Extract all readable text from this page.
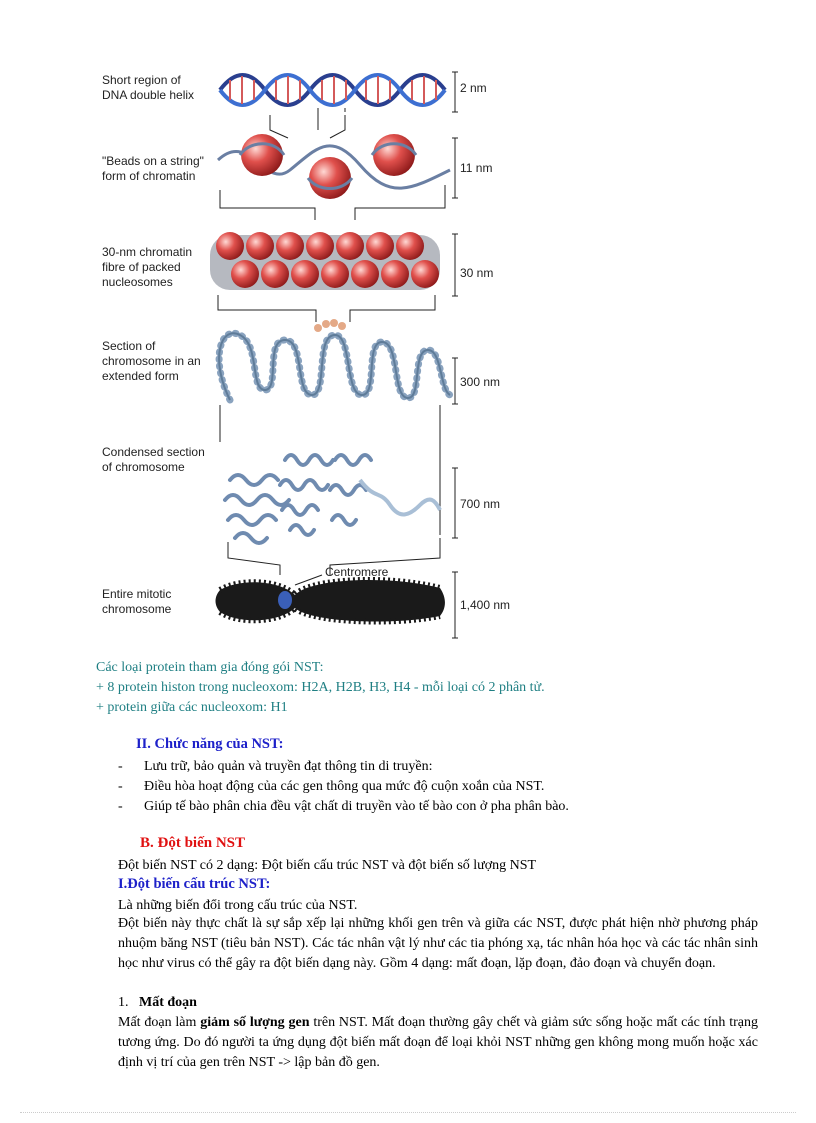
Short region of
DNA double helix
"Beads on a string"
form of chromatin
30-nm chromatin
fibre of packed
nucleosomes
Section of
chromosome in an
extended form
Condensed section
of chromosome
Entire mitotic
chromosome
2 nm
11 nm
30 nm
300 nm
700 nm
1,400 nm
Centromere
Các loại protein tham gia đóng gói NST:
+ 8 protein histon trong nucleoxom: H2A, H2B, H3, H4 - mỗi loại có 2 phân tử.
+ protein giữa các nucleoxom: H1
II. Chức năng của NST:
- Lưu trữ, bảo quản và truyền đạt thông tin di truyền:
- Điều hòa hoạt động của các gen thông qua mức độ cuộn xoắn của NST.
- Giúp tế bào phân chia đều vật chất di truyền vào tế bào con ở pha phân bào.
B. Đột biến NST
Đột biến NST có 2 dạng: Đột biến cấu trúc NST và đột biến số lượng NST
I.Đột biến cấu trúc NST:
Là những biến đổi trong cấu trúc của NST.
Đột biến này thực chất là sự sắp xếp lại những khối gen trên và giữa các NST, được phát hiện nhờ phương pháp nhuộm băng NST (tiêu bản NST). Các tác nhân vật lý như các tia phóng xạ, tác nhân hóa học và các tác nhân sinh học như virus có thể gây ra đột biến dạng này. Gồm 4 dạng: mất đoạn, lặp đoạn, đảo đoạn và chuyển đoạn.
1. Mất đoạn
Mất đoạn làm giảm số lượng gen trên NST. Mất đoạn thường gây chết và giảm sức sống hoặc mất các tính trạng tương ứng. Do đó người ta ứng dụng đột biến mất đoạn để loại khỏi NST những gen không mong muốn hoặc xác định vị trí của gen trên NST -> lập bản đồ gen.
